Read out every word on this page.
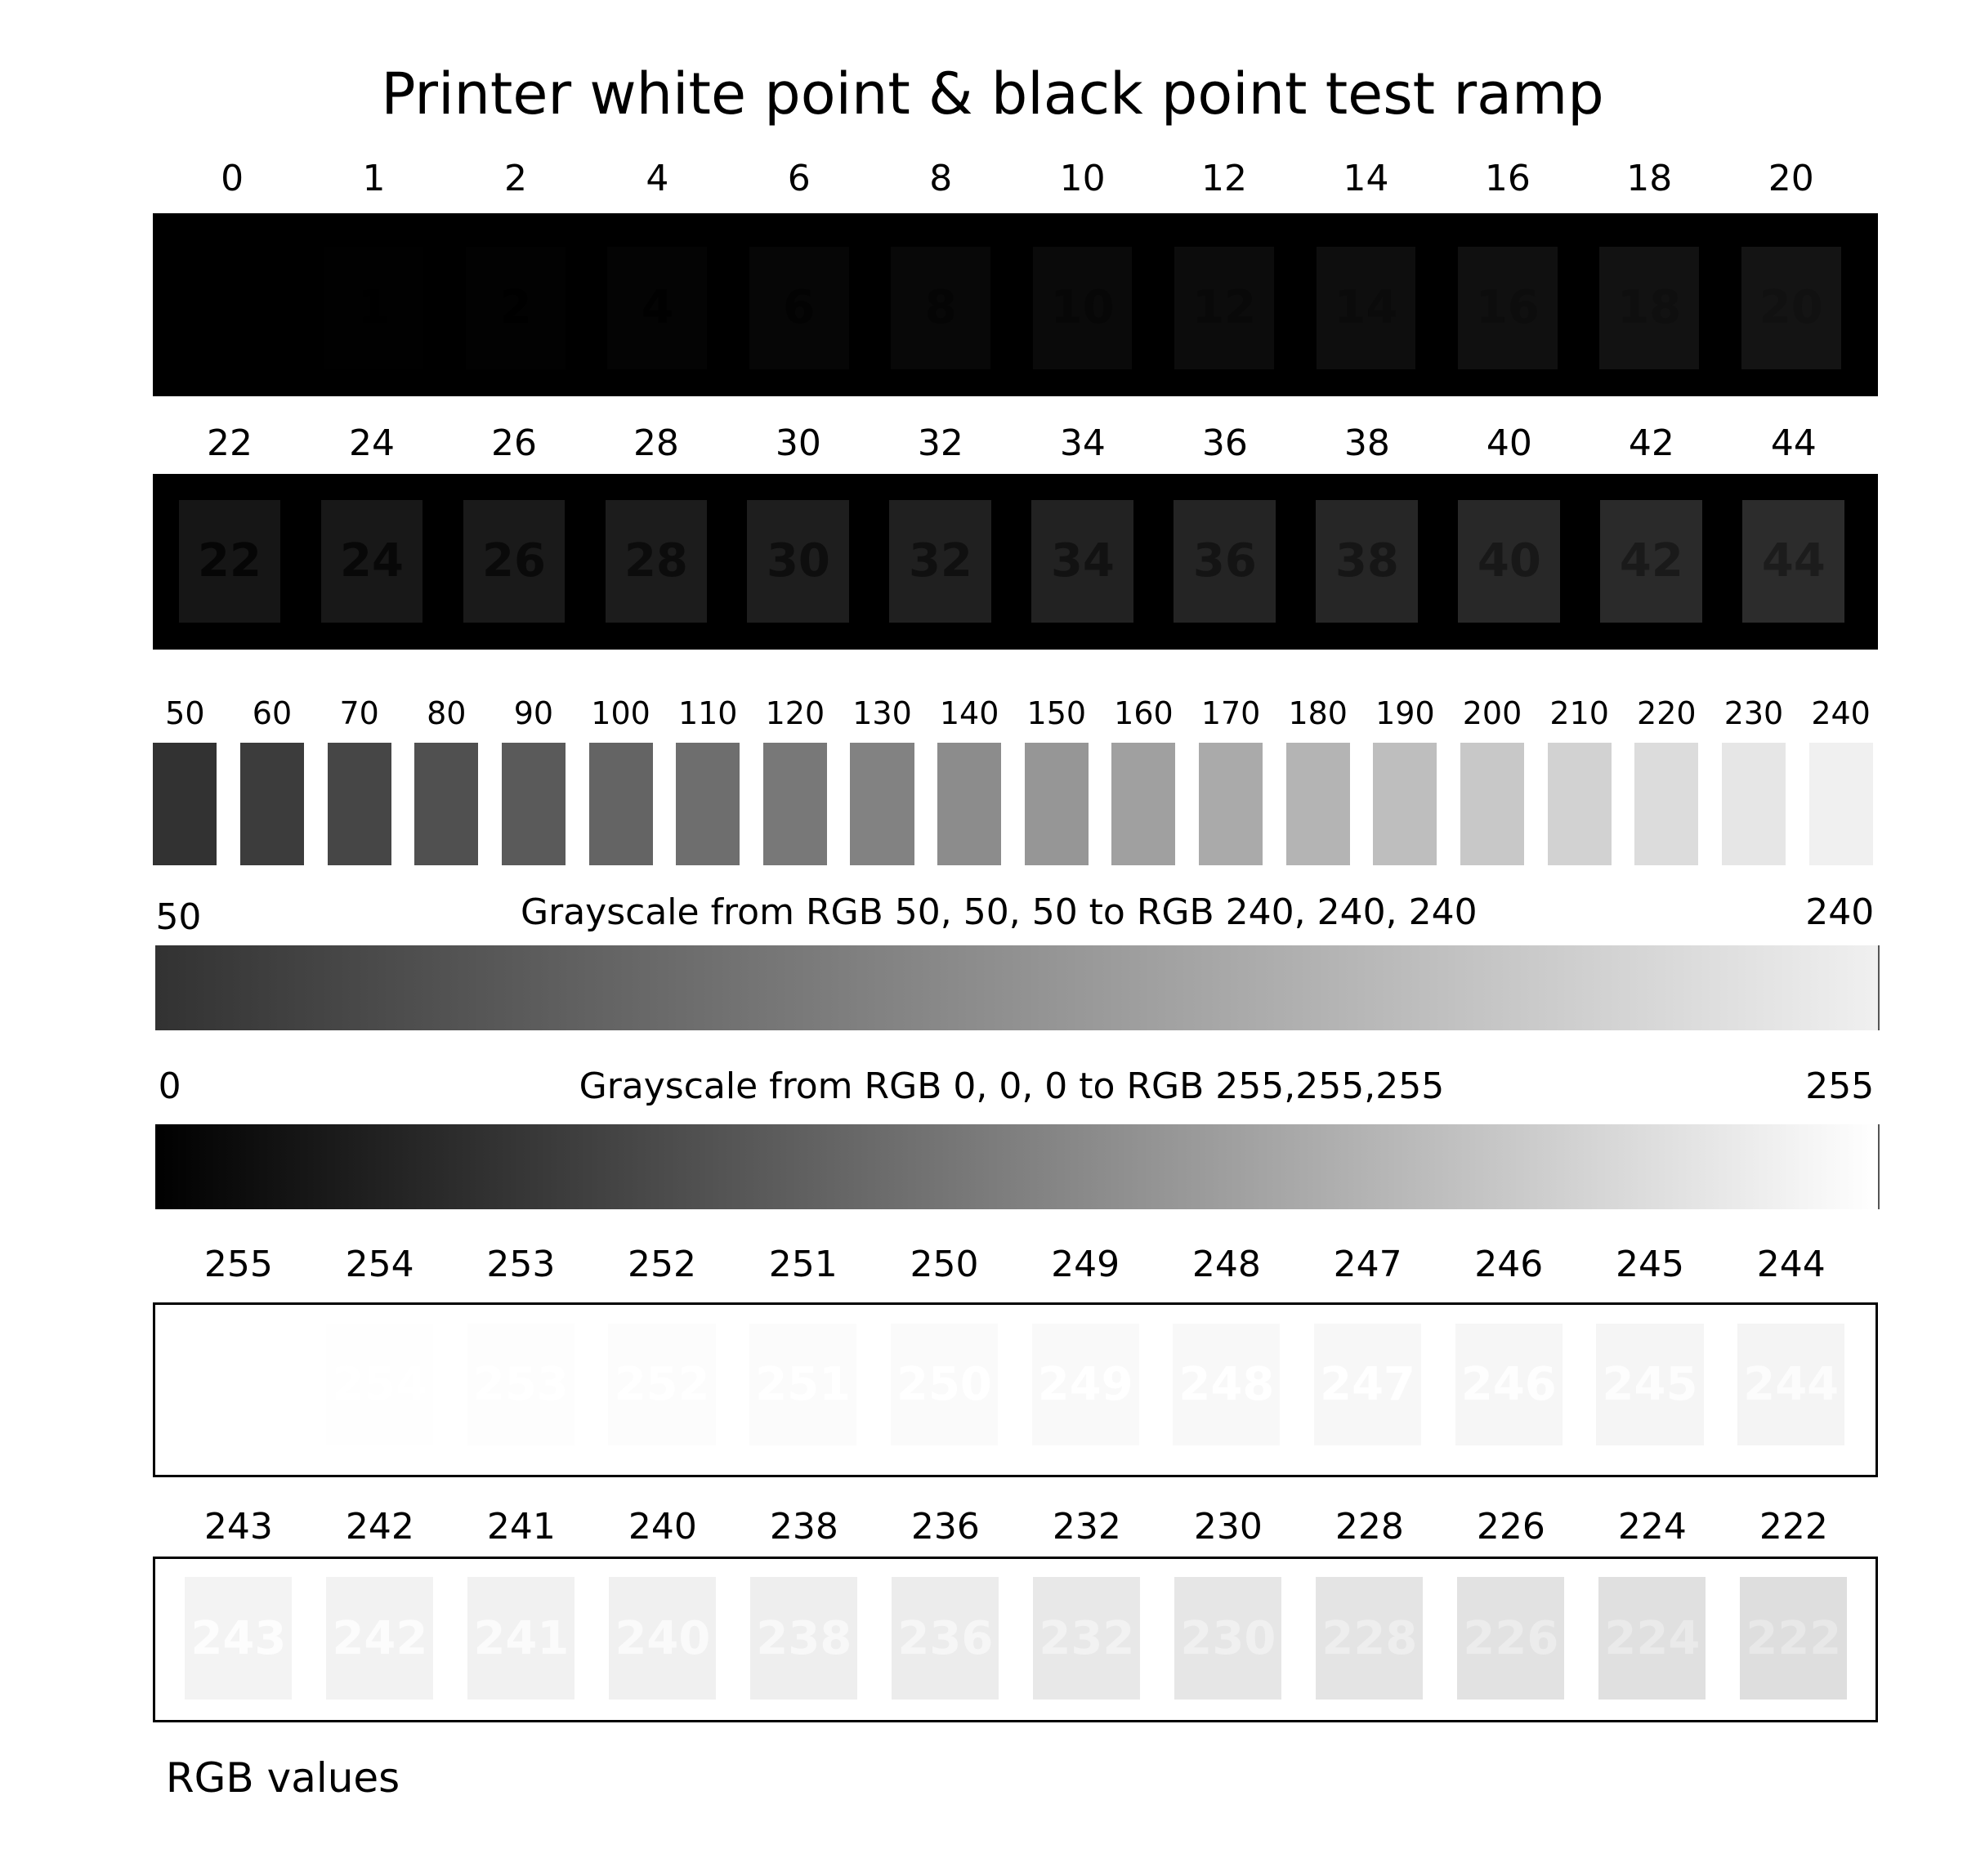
Printer white point & black point test ramp
0
0
1
1
2
2
4
4
6
6
8
8
10
10
12
12
14
14
16
16
18
18
20
20
22
22
24
24
26
26
28
28
30
30
32
32
34
34
36
36
38
38
40
40
42
42
44
44
50 60 70 80 90 100 110 120 130 140 150 160 170 180 190 200 210 220 230 240
50	Grayscale from RGB 50, 50, 50 to RGB 240, 240, 240	240
0	Grayscale from RGB 0, 0, 0 to RGB 255,255,255	255
255
255
254
254
253
253
252
252
251
251
250
250
249
249
248
248
247
247
246
246
245
245
244
244
243
243
242
242
241
241
240
240
238
238
236
236
232
232
230
230
228
228
226
226
224
224
222
222
RGB values
